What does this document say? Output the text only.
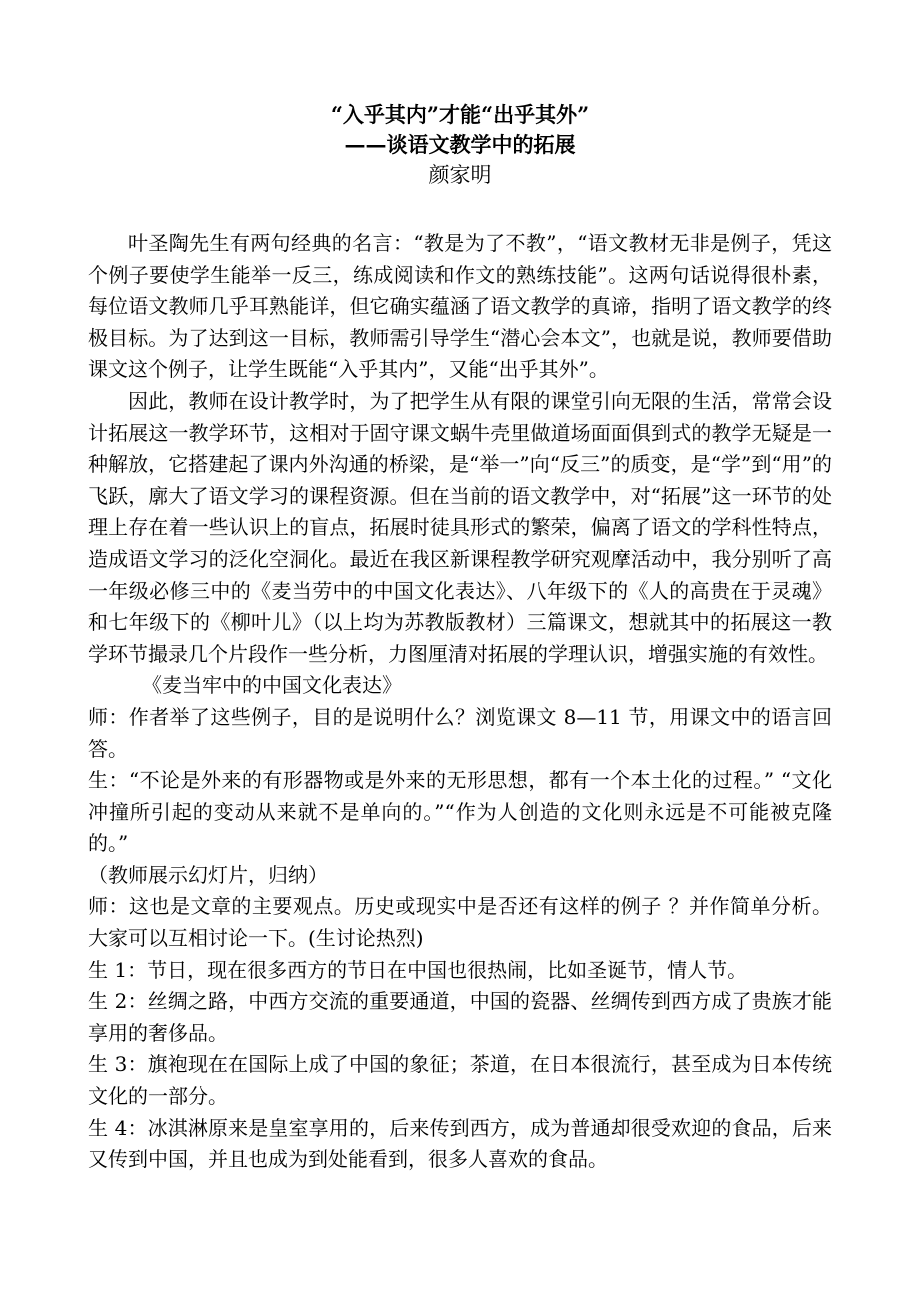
“入乎其内”才能“出乎其外”

——谈语文教学中的拓展

颜家明

叶圣陶先生有两句经典的名言：“教是为了不教”，“语文教材无非是例子，凭这个例子要使学生能举一反三，练成阅读和作文的熟练技能”。这两句话说得很朴素，每位语文教师几乎耳熟能详，但它确实蕴涵了语文教学的真谛，指明了语文教学的终极目标。为了达到这一目标，教师需引导学生“潜心会本文”，也就是说，教师要借助课文这个例子，让学生既能“入乎其内”，又能“出乎其外”。

因此，教师在设计教学时，为了把学生从有限的课堂引向无限的生活，常常会设计拓展这一教学环节，这相对于固守课文蜗牛壳里做道场面面俱到式的教学无疑是一种解放，它搭建起了课内外沟通的桥梁，是“举一”向“反三”的质变，是“学”到“用”的飞跃，廓大了语文学习的课程资源。但在当前的语文教学中，对“拓展”这一环节的处理上存在着一些认识上的盲点，拓展时徒具形式的繁荣，偏离了语文的学科性特点，造成语文学习的泛化空洞化。最近在我区新课程教学研究观摩活动中，我分别听了高一年级必修三中的《麦当劳中的中国文化表达》、八年级下的《人的高贵在于灵魂》和七年级下的《柳叶儿》（以上均为苏教版教材）三篇课文，想就其中的拓展这一教学环节撮录几个片段作一些分析，力图厘清对拓展的学理认识，增强实施的有效性。

《麦当牢中的中国文化表达》

师：作者举了这些例子，目的是说明什么？浏览课文 8—11 节，用课文中的语言回答。

生：“不论是外来的有形器物或是外来的无形思想，都有一个本土化的过程。” “文化冲撞所引起的变动从来就不是单向的。”“作为人创造的文化则永远是不可能被克隆的。”

（教师展示幻灯片，归纳）

师：这也是文章的主要观点。历史或现实中是否还有这样的例子 ？并作简单分析。大家可以互相讨论一下。(生讨论热烈)

生 1：节日，现在很多西方的节日在中国也很热闹，比如圣诞节，情人节。

生 2：丝绸之路，中西方交流的重要通道，中国的瓷器、丝绸传到西方成了贵族才能享用的奢侈品。

生 3：旗袍现在在国际上成了中国的象征；茶道，在日本很流行，甚至成为日本传统文化的一部分。

生 4：冰淇淋原来是皇室享用的，后来传到西方，成为普通却很受欢迎的食品，后来又传到中国，并且也成为到处能看到，很多人喜欢的食品。
